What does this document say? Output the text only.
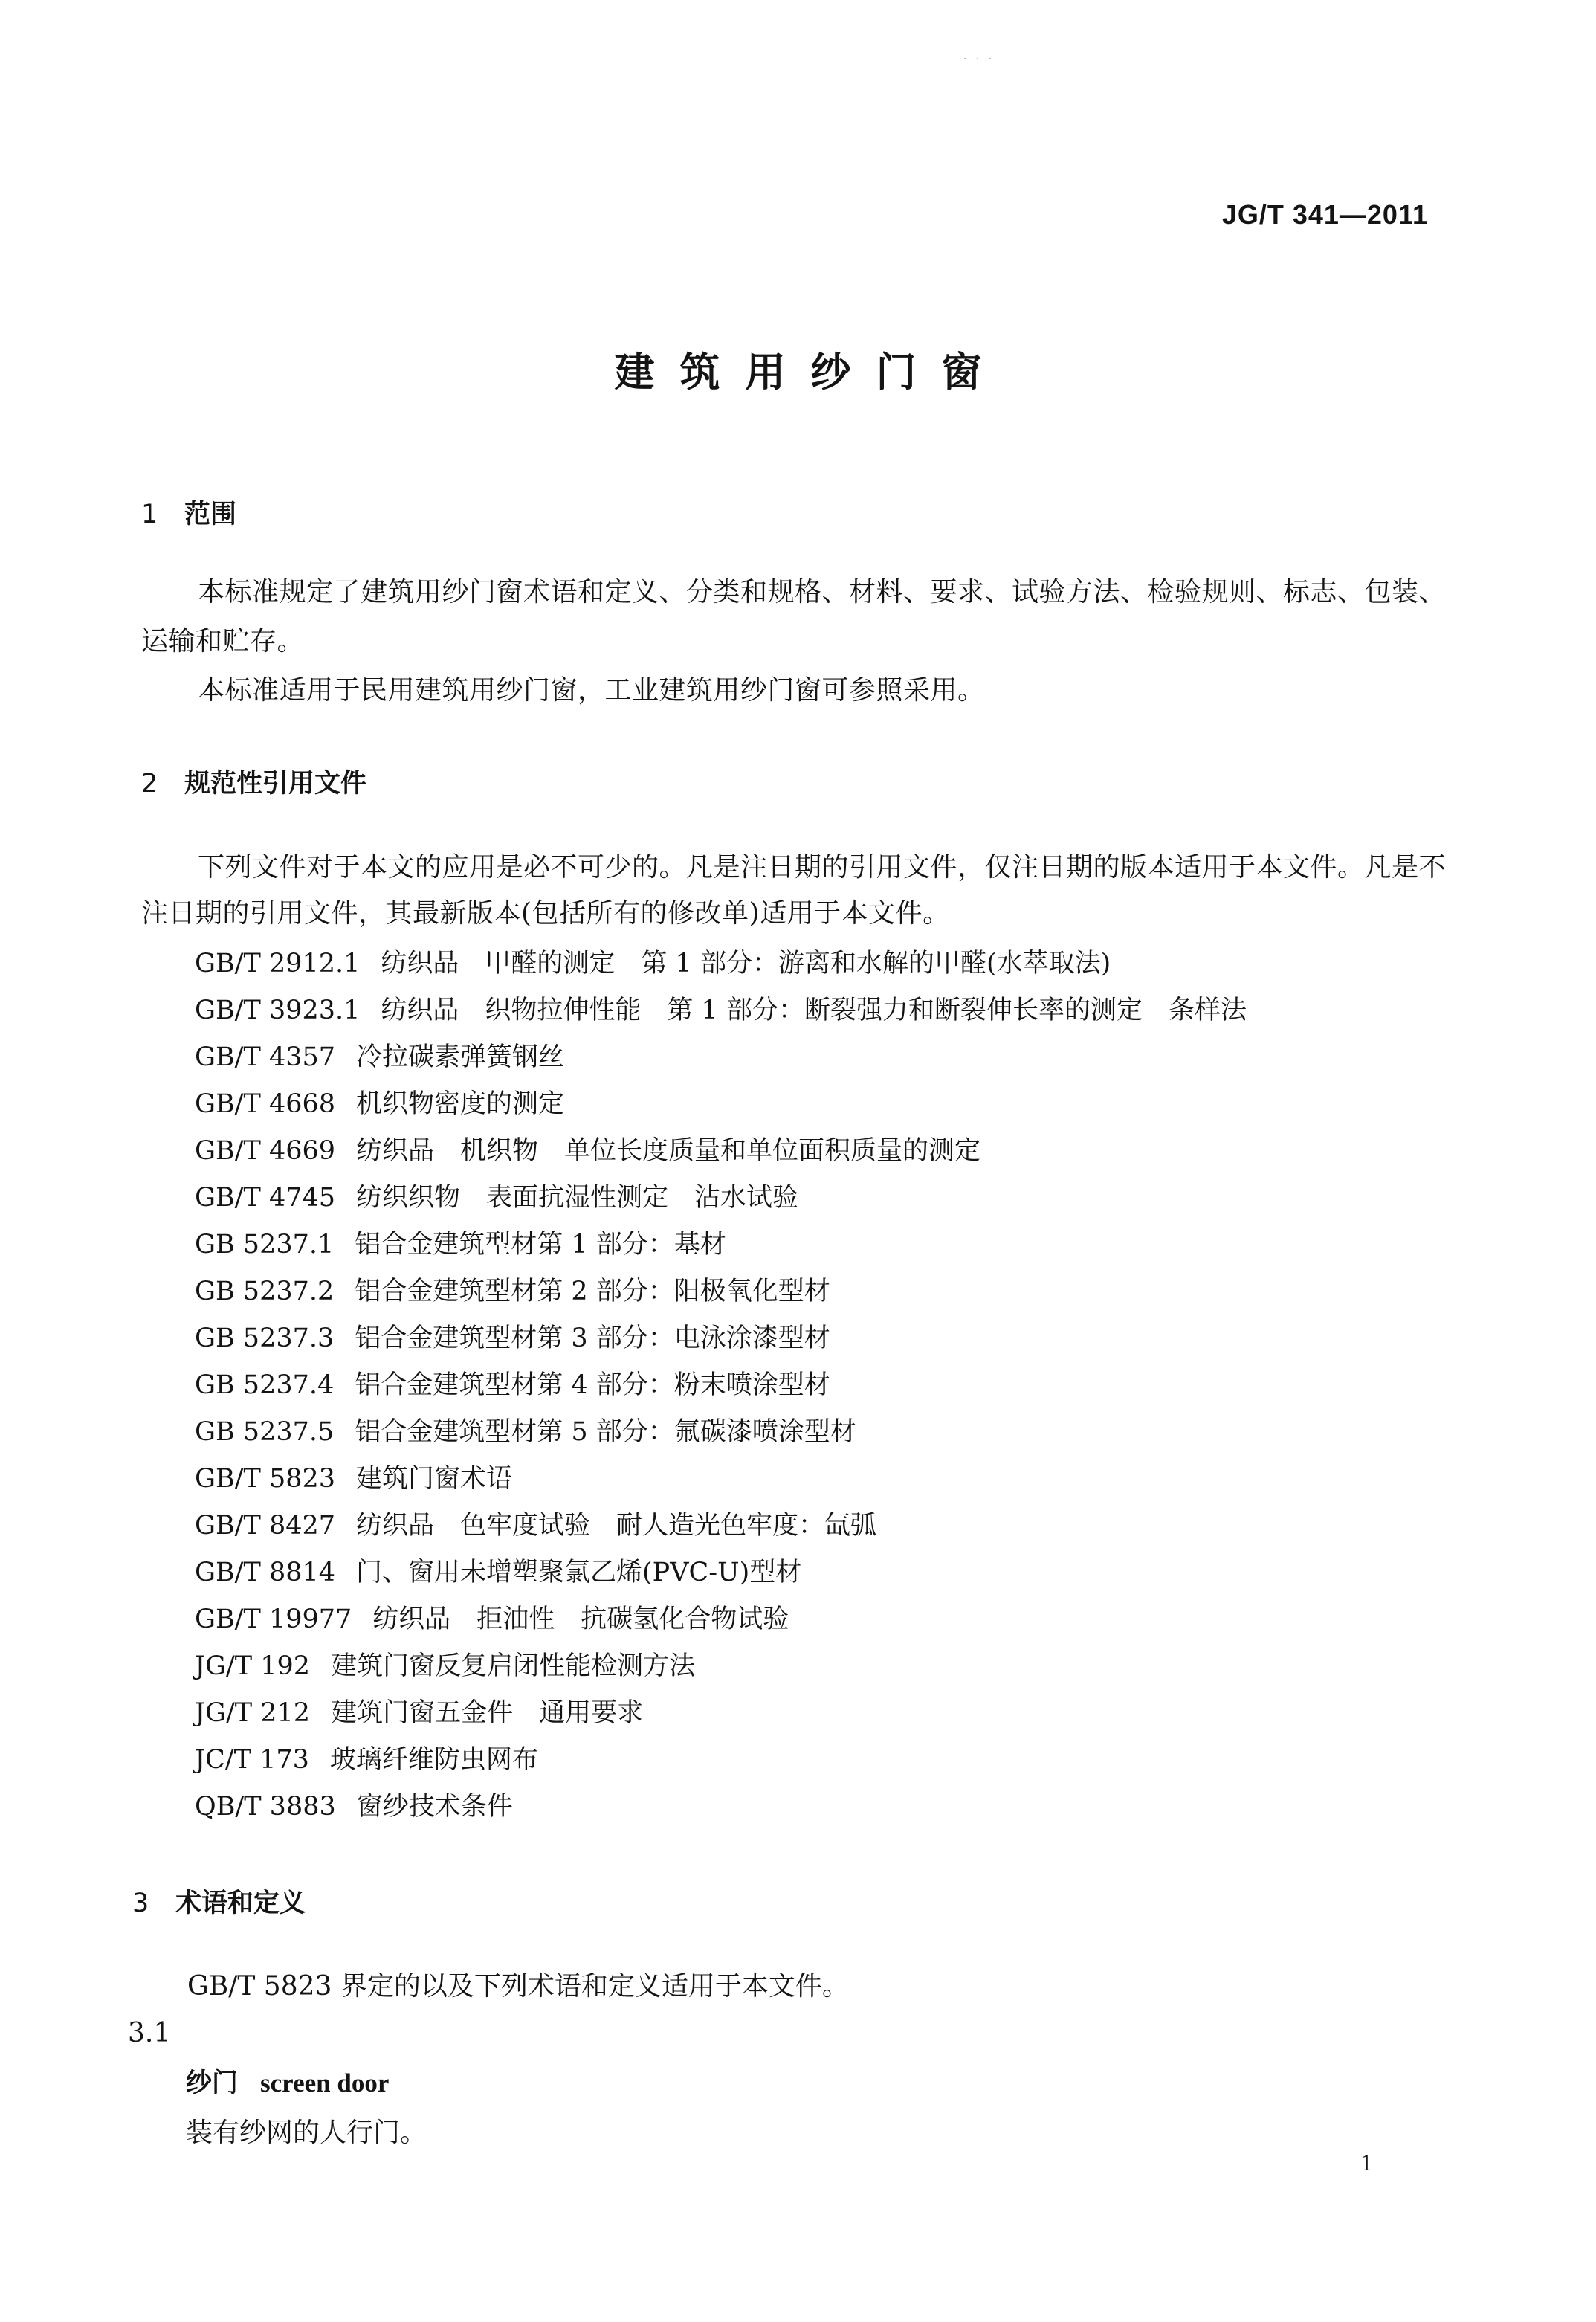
· · ·
JG/T 341—2011
建筑用纱门窗
1 范围

本标准规定了建筑用纱门窗术语和定义、分类和规格、材料、要求、试验方法、检验规则、标志、包装、运输和贮存。

本标准适用于民用建筑用纱门窗，工业建筑用纱门窗可参照采用。

2 规范性引用文件

下列文件对于本文的应用是必不可少的。凡是注日期的引用文件，仅注日期的版本适用于本文件。凡是不注日期的引用文件，其最新版本(包括所有的修改单)适用于本文件。

GB/T 2912.1 纺织品　甲醛的测定　第 1 部分：游离和水解的甲醛(水萃取法)
GB/T 3923.1 纺织品　织物拉伸性能　第 1 部分：断裂强力和断裂伸长率的测定　条样法
GB/T 4357 冷拉碳素弹簧钢丝
GB/T 4668 机织物密度的测定
GB/T 4669 纺织品　机织物　单位长度质量和单位面积质量的测定
GB/T 4745 纺织织物　表面抗湿性测定　沾水试验
GB 5237.1 铝合金建筑型材第 1 部分：基材
GB 5237.2 铝合金建筑型材第 2 部分：阳极氧化型材
GB 5237.3 铝合金建筑型材第 3 部分：电泳涂漆型材
GB 5237.4 铝合金建筑型材第 4 部分：粉末喷涂型材
GB 5237.5 铝合金建筑型材第 5 部分：氟碳漆喷涂型材
GB/T 5823 建筑门窗术语
GB/T 8427 纺织品　色牢度试验　耐人造光色牢度：氙弧
GB/T 8814 门、窗用未增塑聚氯乙烯(PVC-U)型材
GB/T 19977 纺织品　拒油性　抗碳氢化合物试验
JG/T 192 建筑门窗反复启闭性能检测方法
JG/T 212 建筑门窗五金件　通用要求
JC/T 173 玻璃纤维防虫网布
QB/T 3883 窗纱技术条件
3 术语和定义
GB/T 5823 界定的以及下列术语和定义适用于本文件。
3.1
纱门 screen door
装有纱网的人行门。
1
